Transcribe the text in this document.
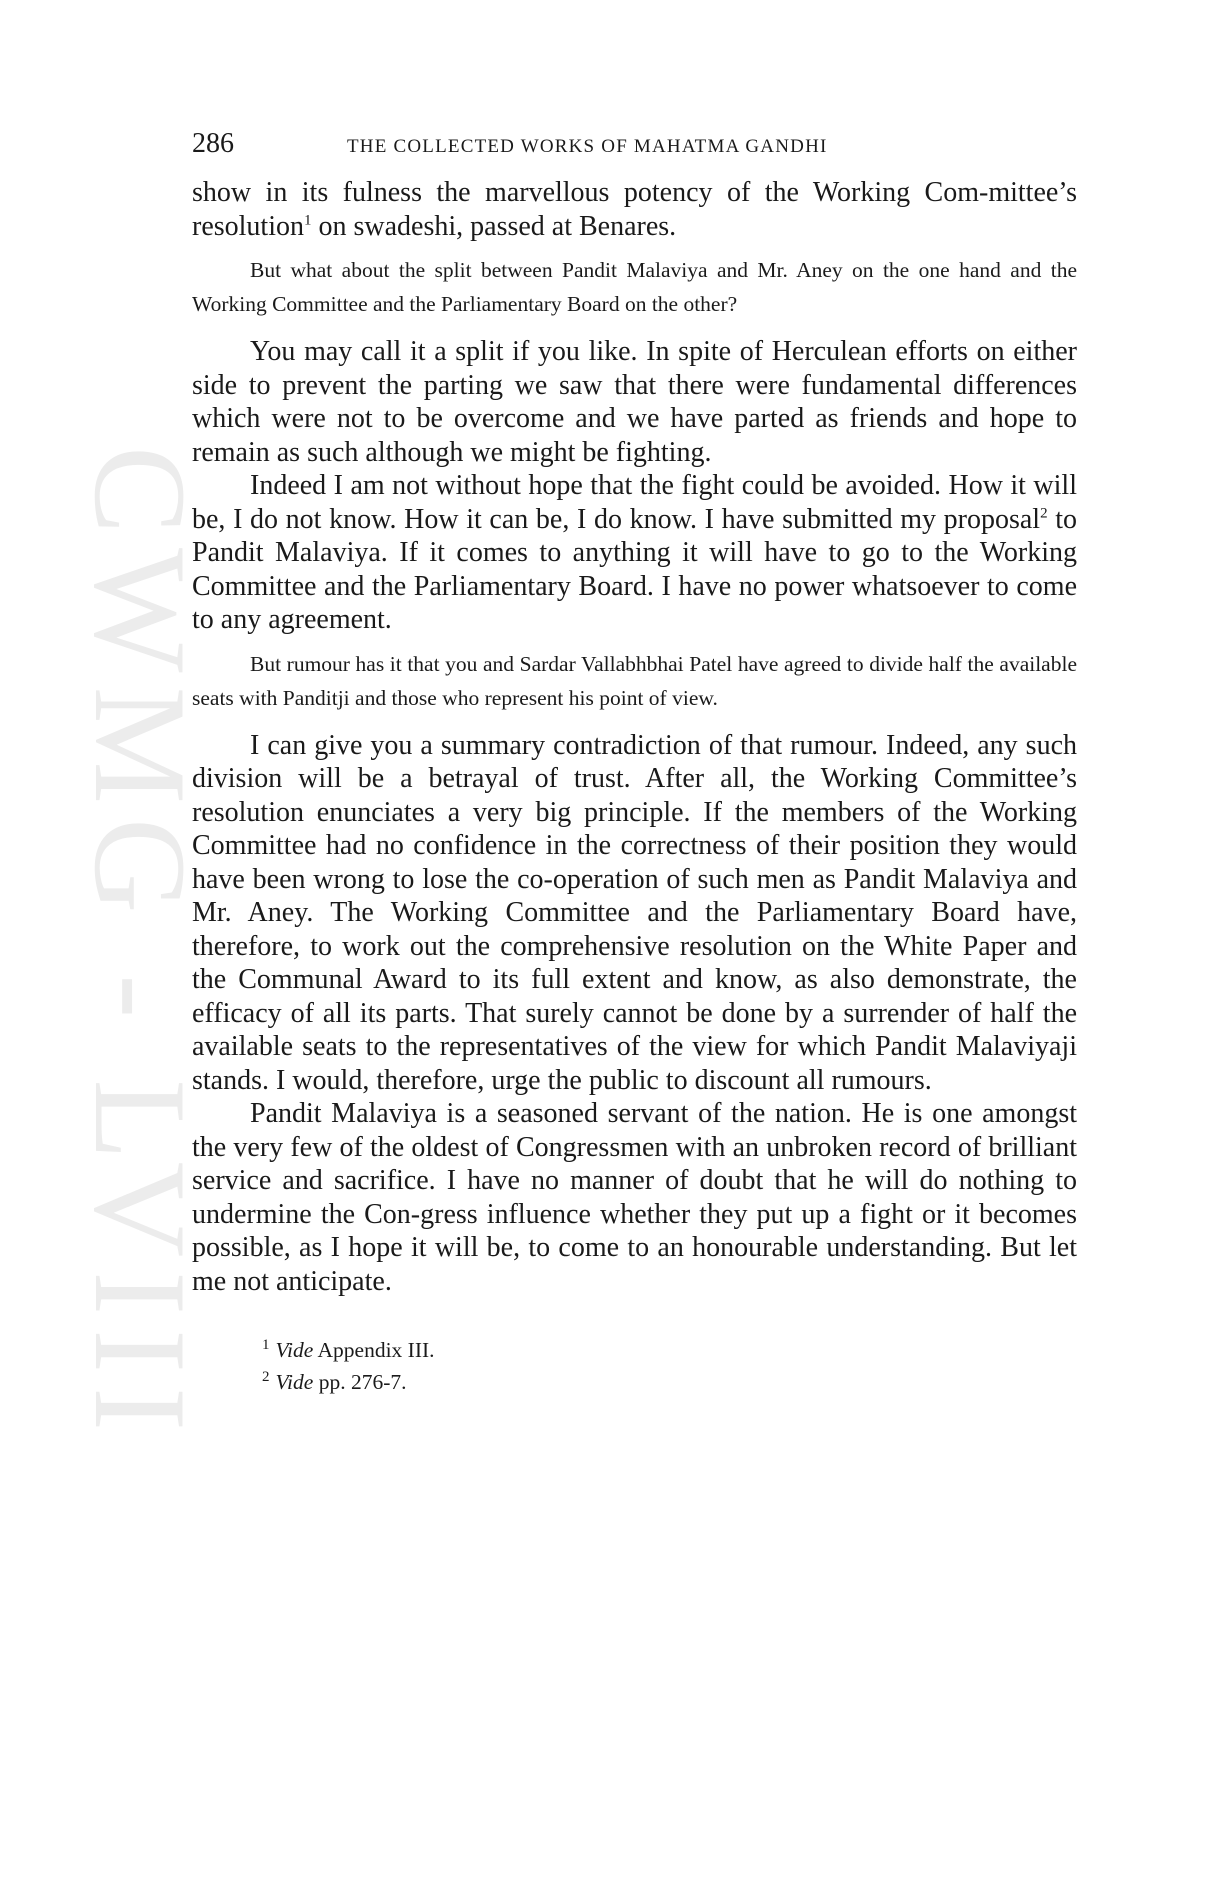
CWMG - LVIII
286	THE COLLECTED WORKS OF MAHATMA GANDHI

show in its fulness the marvellous potency of the Working Com-mittee’s resolution$^1$ on swadeshi, passed at Benares.

But what about the split between Pandit Malaviya and Mr. Aney on the one hand and the Working Committee and the Parliamentary Board on the other?

You may call it a split if you like. In spite of Herculean efforts on either side to prevent the parting we saw that there were fundamental differences which were not to be overcome and we have parted as friends and hope to remain as such although we might be fighting.

Indeed I am not without hope that the fight could be avoided. How it will be, I do not know. How it can be, I do know. I have submitted my proposal$^2$ to Pandit Malaviya. If it comes to anything it will have to go to the Working Committee and the Parliamentary Board. I have no power whatsoever to come to any agreement.

But rumour has it that you and Sardar Vallabhbhai Patel have agreed to divide half the available seats with Panditji and those who represent his point of view.

I can give you a summary contradiction of that rumour. Indeed, any such division will be a betrayal of trust. After all, the Working Committee’s resolution enunciates a very big principle. If the members of the Working Committee had no confidence in the correctness of their position they would have been wrong to lose the co-operation of such men as Pandit Malaviya and Mr. Aney. The Working Committee and the Parliamentary Board have, therefore, to work out the comprehensive resolution on the White Paper and the Communal Award to its full extent and know, as also demonstrate, the efficacy of all its parts. That surely cannot be done by a surrender of half the available seats to the representatives of the view for which Pandit Malaviyaji stands. I would, therefore, urge the public to discount all rumours.

Pandit Malaviya is a seasoned servant of the nation. He is one amongst the very few of the oldest of Congressmen with an unbroken record of brilliant service and sacrifice. I have no manner of doubt that he will do nothing to undermine the Con-gress influence whether they put up a fight or it becomes possible, as I hope it will be, to come to an honourable understanding. But let me not anticipate.

$^1$ Vide Appendix III.
$^2$ Vide pp. 276-7.
